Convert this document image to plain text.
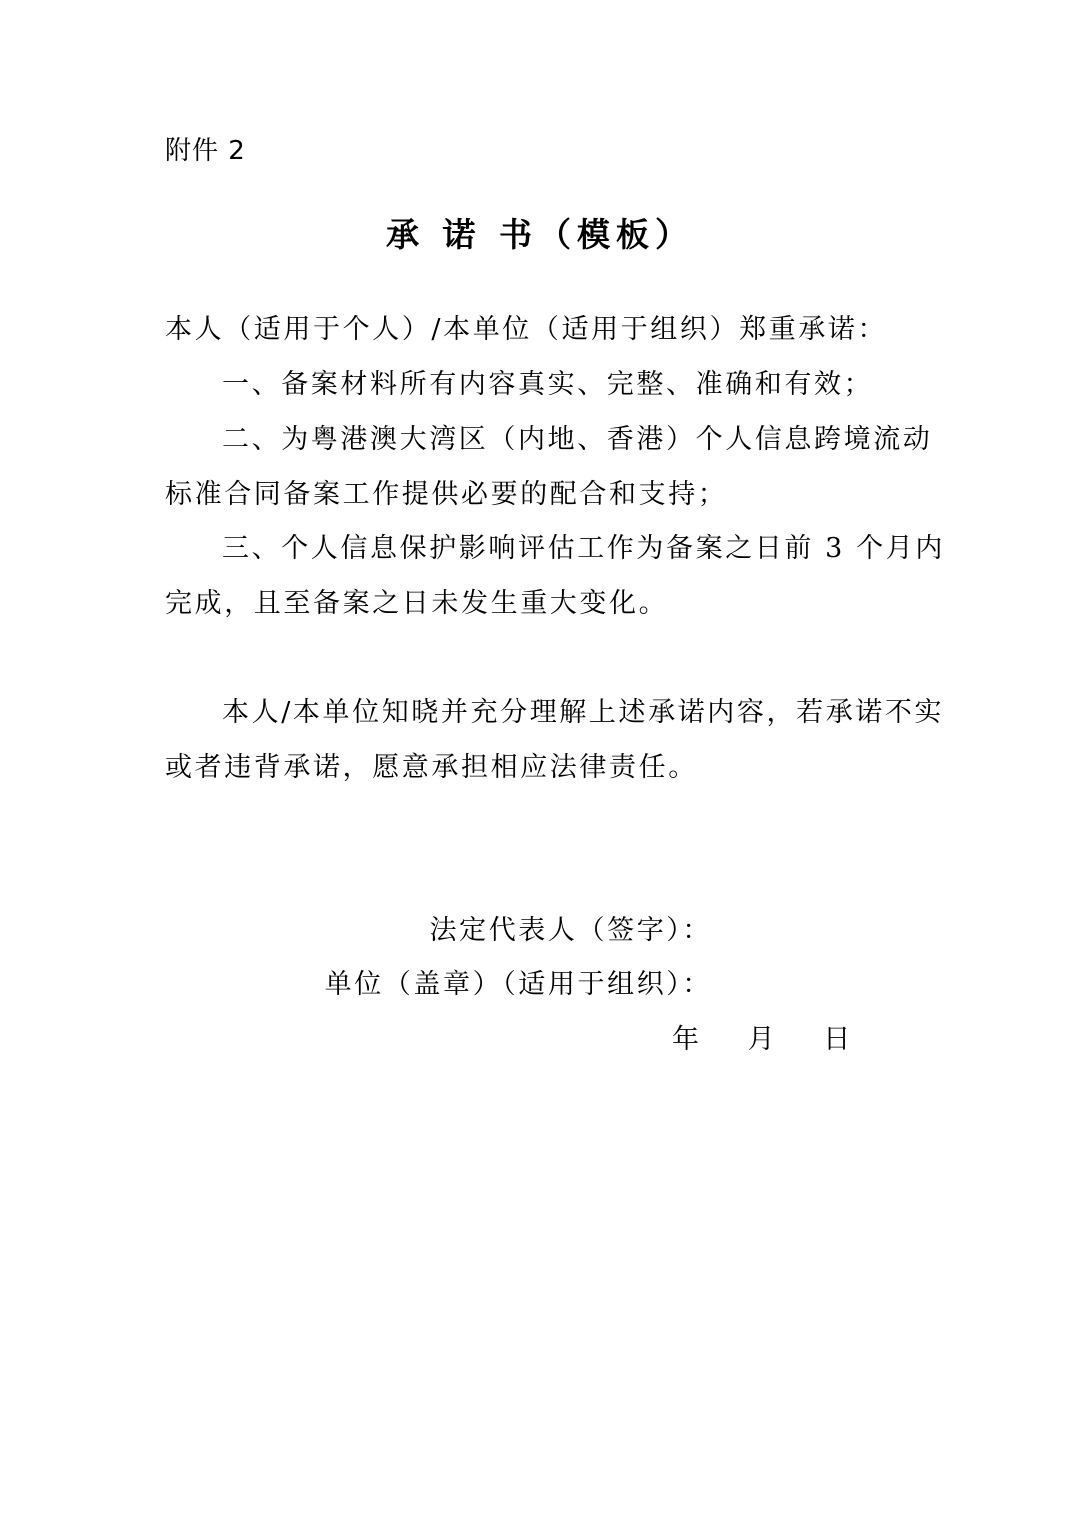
附件 2
承 诺 书（模板）
本人（适用于个人）/本单位（适用于组织）郑重承诺：
一、备案材料所有内容真实、完整、准确和有效；
二、为粤港澳大湾区（内地、香港）个人信息跨境流动
标准合同备案工作提供必要的配合和支持；
三、个人信息保护影响评估工作为备案之日前 3 个月内
完成，且至备案之日未发生重大变化。
本人/本单位知晓并充分理解上述承诺内容，若承诺不实
或者违背承诺，愿意承担相应法律责任。
法定代表人（签字）：
单位（盖章）（适用于组织）：
年 月 日
